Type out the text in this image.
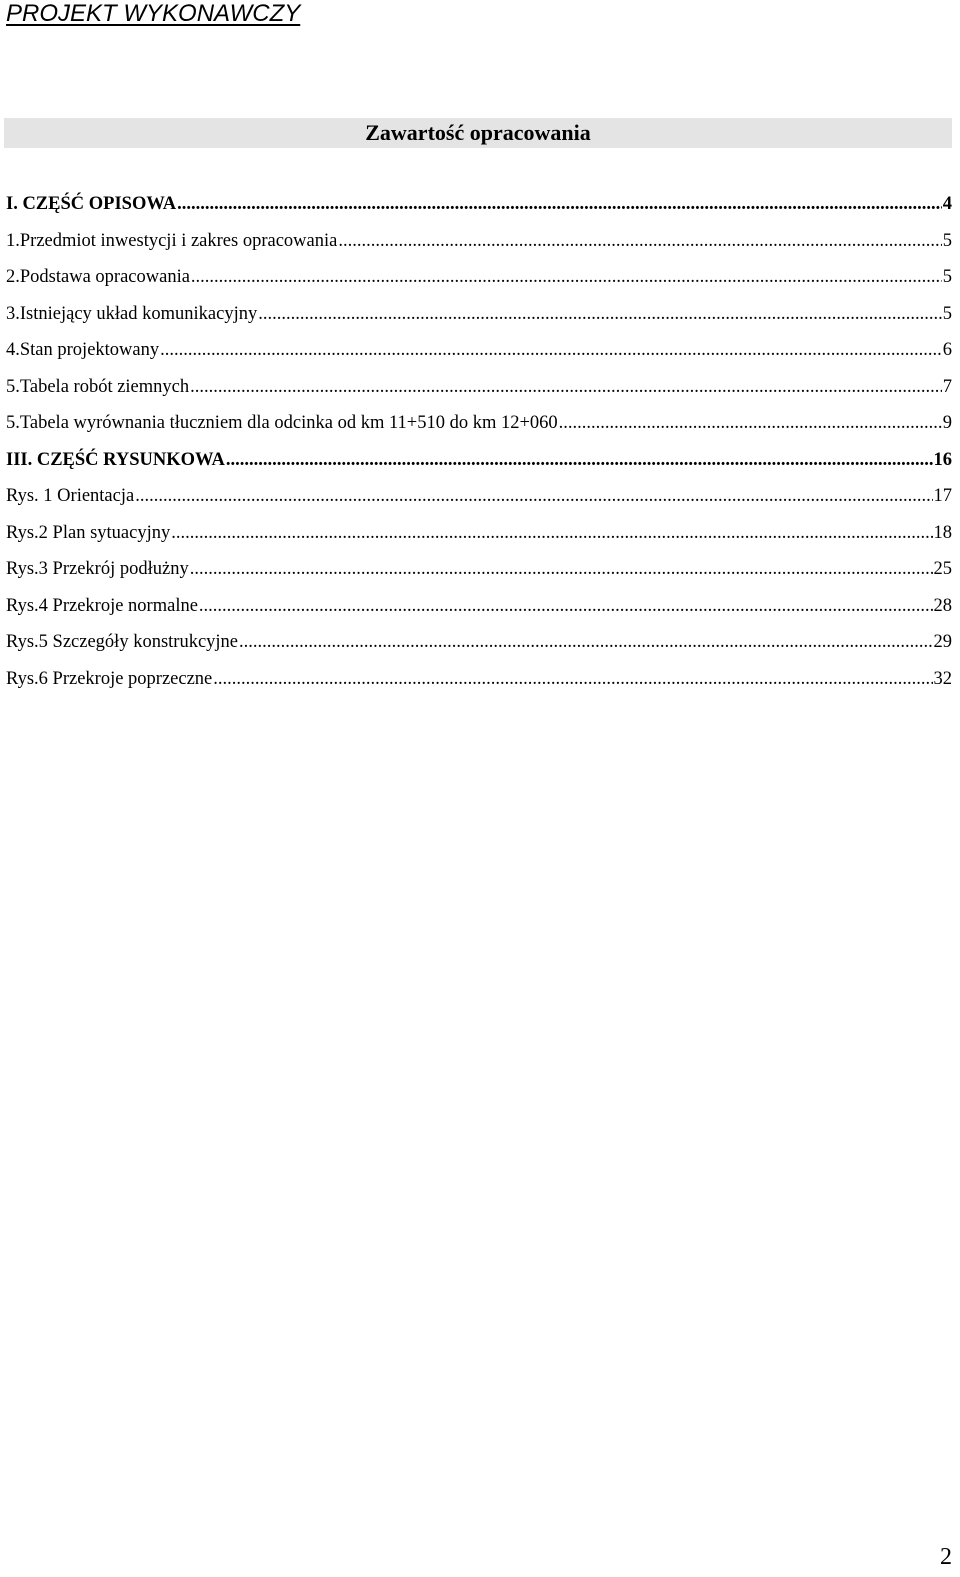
PROJEKT WYKONAWCZY
Zawartość opracowania
I. CZĘŚĆ OPISOWA .....	4
1.Przedmiot inwestycji i zakres opracowania .....	5
2.Podstawa opracowania .....	5
3.Istniejący układ komunikacyjny .....	5
4.Stan projektowany .....	6
5.Tabela robót ziemnych .....	7
5.Tabela wyrównania tłuczniem dla odcinka od km 11+510 do km 12+060 .....	9
III. CZĘŚĆ RYSUNKOWA .....	16
Rys. 1 Orientacja .....	17
Rys.2 Plan sytuacyjny .....	18
Rys.3 Przekrój podłużny .....	25
Rys.4 Przekroje normalne .....	28
Rys.5 Szczegóły konstrukcyjne .....	29
Rys.6 Przekroje poprzeczne .....	32
2
